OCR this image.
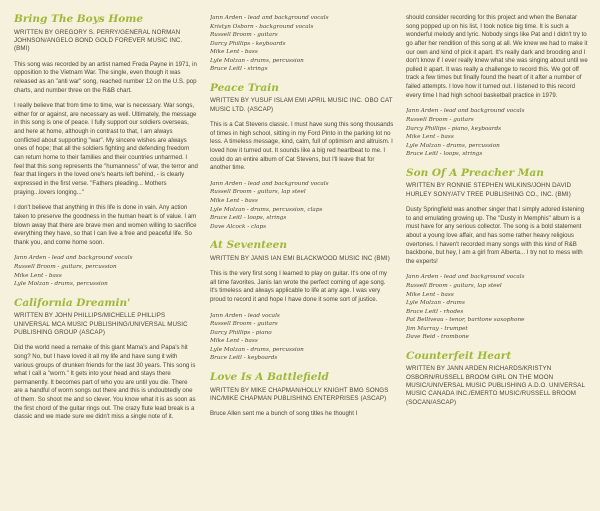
Bring The Boys Home
WRITTEN BY GREGORY S. PERRY/GENERAL NORMAN JOHNSON/ANGELO BOND GOLD FOREVER MUSIC INC. (BMI)

This song was recorded by an artist named Freda Payne in 1971, in opposition to the Vietnam War. The single, even though it was released as an "anti war" song, reached number 12 on the U.S. pop charts, and number three on the R&B chart.

I really believe that from time to time, war is necessary. War songs, either for or against, are necessary as well. Ultimately, the message in this song is one of peace. I fully support our soldiers overseas, and here at home, although in contrast to that, I am always conflicted about supporting "war". My sincere wishes are always ones of hope; that all the soldiers fighting and defending freedom can return home to their families and their countries unharmed. I feel that this song represents the "humanness" of war, the terror and fear that lingers in the loved one's hearts left behind, - is clearly expressed in the first verse. "Fathers pleading... Mothers praying...lovers longing..."

I don't believe that anything in this life is done in vain. Any action taken to preserve the goodness in the human heart is of value. I am blown away that there are brave men and women willing to sacrifice everything they have, so that I can live a free and peaceful life. So thank you, and come home soon.

Jann Arden - lead and background vocals
Russell Broom - guitars, percussion
Mike Lent - bass
Lyle Molzan - drums, percussion
California Dreamin'
WRITTEN BY JOHN PHILLIPS/MICHELLE PHILLIPS UNIVERSAL MCA MUSIC PUBLISHING/UNIVERSAL MUSIC PUBLISHING GROUP (ASCAP)

Did the world need a remake of this giant Mama's and Papa's hit song? No, but I have loved it all my life and have sung it with various groups of drunken friends for the last 30 years. This song is what I call a "worm." It gets into your head and stays there permanently. It becomes part of who you are until you die. There are a handful of worm songs out there and this is undoubtedly one of them. So shoot me and so clever. You know what it is as soon as the first chord of the guitar rings out. The crazy flute lead break is a classic and we made sure we didn't miss a single note of it.

Jann Arden - lead and background vocals
Kristyn Osborn - background vocals
Russell Broom - guitars
Darcy Phillips - keyboards
Mike Lent - bass
Lyle Molzan - drums, percussion
Bruce Leitl - strings
Peace Train
WRITTEN BY YUSUF ISLAM EMI APRIL MUSIC INC. OBO CAT MUSIC LTD. (ASCAP)

This is a Cat Stevens classic. I must have sung this song thousands of times in high school, sitting in my Ford Pinto in the parking lot no less. A timeless message, kind, calm, full of optimism and altruism. I loved how it turned out. It sounds like a big red heartbeat to me. I could do an entire album of Cat Stevens, but I'll leave that for another time.

Jann Arden - lead and background vocals
Russell Broom - guitars, lap steel
Mike Lent - bass
Lyle Molzan - drums, percussion, claps
Bruce Leitl - loops, strings
Dave Alcock - claps
At Seventeen
WRITTEN BY JANIS IAN EMI BLACKWOOD MUSIC INC (BMI)

This is the very first song I learned to play on guitar. It's one of my all time favorites. Janis Ian wrote the perfect coming of age song. It's timeless and always applicable to life at any age. I was very proud to record it and hope I have done it some sort of justice.

Jann Arden - lead vocals
Russell Broom - guitars
Darcy Phillips - piano
Mike Lent - bass
Lyle Molzan - drums, percussion
Bruce Leitl - keyboards
Love Is A Battlefield
WRITTEN BY MIKE CHAPMAN/HOLLY KNIGHT BMG SONGS INC/MIKE CHAPMAN PUBLISHING ENTERPRISES (ASCAP)

Bruce Allen sent me a bunch of song titles he thought I

should consider recording for this project and when the Benatar song popped up on his list, I took notice big time. It is such a wonderful melody and lyric. Nobody sings like Pat and I didn't try to go after her rendition of this song at all. We knew we had to make it our own and kind of pick it apart. It's really dark and brooding and I don't know if I ever really knew what she was singing about until we pulled it apart. It was really a challenge to record this. We got off track a few times but finally found the heart of it after a number of failed attempts. I love how it turned out. I listened to this record every time I had high school basketball practice in 1979.

Jann Arden - lead and background vocals
Russell Broom - guitars
Darcy Phillips - piano, keyboards
Mike Lent - bass
Lyle Molzan - drums, percussion
Bruce Leitl - loops, strings
Son Of A Preacher Man
WRITTEN BY RONNIE STEPHEN WILKINS/JOHN DAVID HURLEY SONY/ATV TREE PUBLISHING CO., INC. (BMI)

Dusty Springfield was another singer that I simply adored listening to and emulating growing up. The "Dusty in Memphis" album is a must have for any serious collector. The song is a bold statement about a young love affair, and has some rather heavy religious overtones. I haven't recorded many songs with this kind of R&B backbone, but hey, I am a girl from Alberta... I try not to mess with the experts!

Jann Arden - lead and background vocals
Russell Broom - guitars, lap steel
Mike Lent - bass
Lyle Molzan - drums
Bruce Leitl - rhodes
Pat Belliveau - tenor, baritone saxophone
Jim Murray - trumpet
Dave Reid - trombone
Counterfeit Heart
WRITTEN BY JANN ARDEN RICHARDS/KRISTYN OSBORN/RUSSELL BROOM GIRL ON THE MOON MUSIC/UNIVERSAL MUSIC PUBLISHING A.D.O. UNIVERSAL MUSIC CANADA INC./EMERTO MUSIC/RUSSELL BROOM (SOCAN/ASCAP)
